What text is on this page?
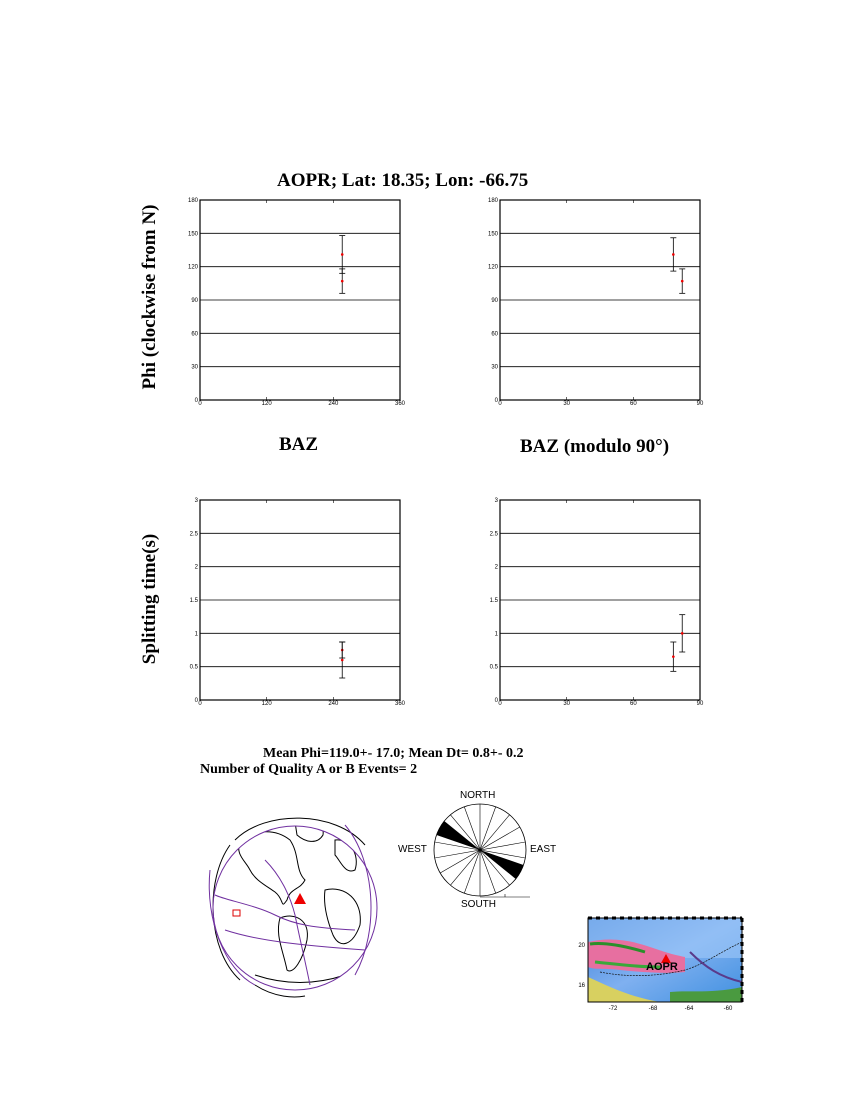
AOPR; Lat: 18.35; Lon: -66.75
Phi (clockwise from N)
Splitting time(s)
BAZ	BAZ (modulo 90°)
0
30
60
90
120
150
180
0	120	240	360
0
30
60
90
120
150
180
0	30	60	90
0
0.5
1
1.5
2
2.5
3
0	120	240	360
0
0.5
1
1.5
2
2.5
3
0	30	60	90
Mean Phi=119.0+- 17.0; Mean Dt= 0.8+- 0.2
Number of Quality A or B Events= 2
NORTH
SOUTH
EAST
WEST
AOPR
-72	-68	-64	-60
20
16
